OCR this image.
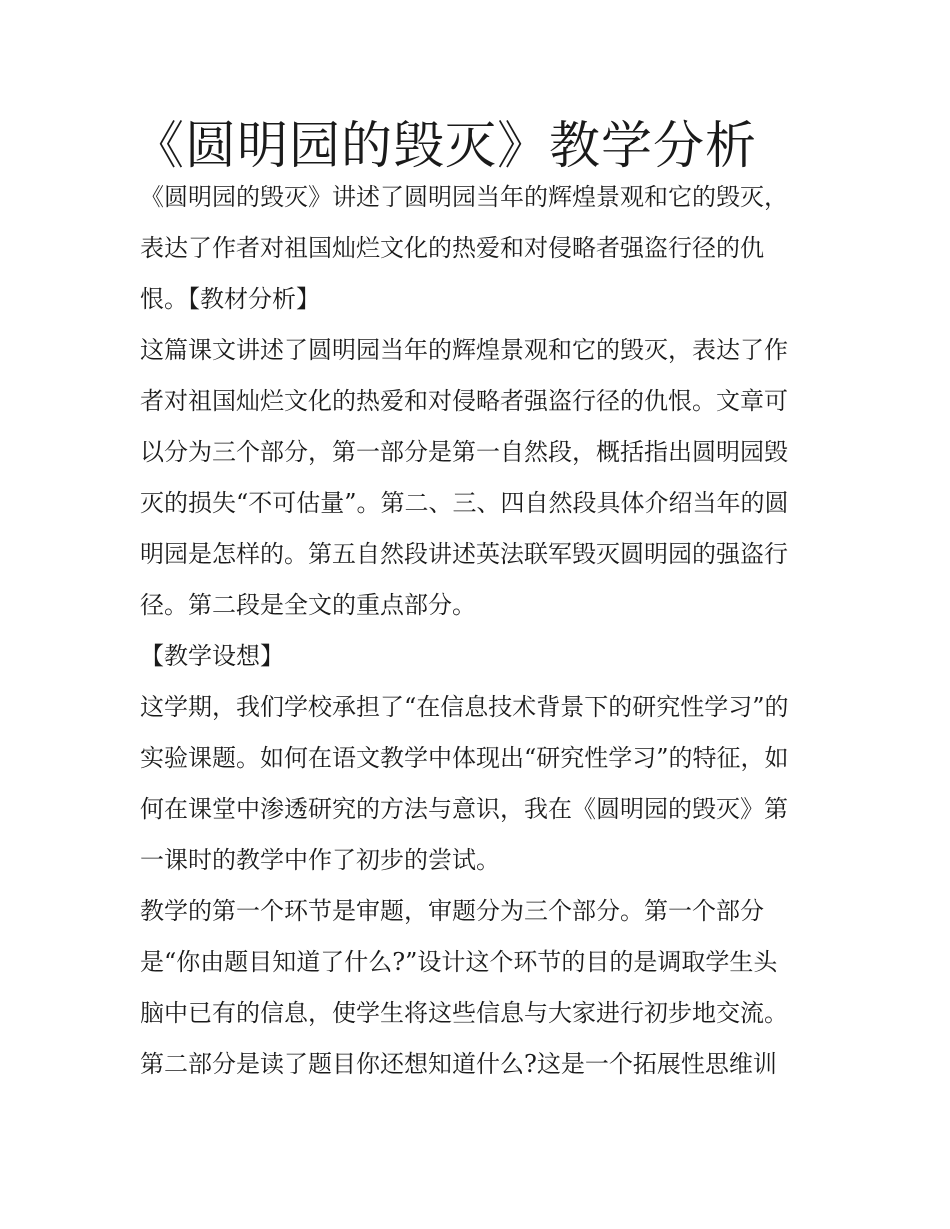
《圆明园的毁灭》教学分析
《圆明园的毁灭》讲述了圆明园当年的辉煌景观和它的毁灭，
表达了作者对祖国灿烂文化的热爱和对侵略者强盗行径的仇
恨。【教材分析】
这篇课文讲述了圆明园当年的辉煌景观和它的毁灭，表达了作
者对祖国灿烂文化的热爱和对侵略者强盗行径的仇恨。文章可
以分为三个部分，第一部分是第一自然段，概括指出圆明园毁
灭的损失“不可估量”。第二、三、四自然段具体介绍当年的圆
明园是怎样的。第五自然段讲述英法联军毁灭圆明园的强盗行
径。第二段是全文的重点部分。
【教学设想】
这学期，我们学校承担了“在信息技术背景下的研究性学习”的
实验课题。如何在语文教学中体现出“研究性学习”的特征，如
何在课堂中渗透研究的方法与意识，我在《圆明园的毁灭》第
一课时的教学中作了初步的尝试。
教学的第一个环节是审题，审题分为三个部分。第一个部分
是“你由题目知道了什么?”设计这个环节的目的是调取学生头
脑中已有的信息，使学生将这些信息与大家进行初步地交流。
第二部分是读了题目你还想知道什么?这是一个拓展性思维训
